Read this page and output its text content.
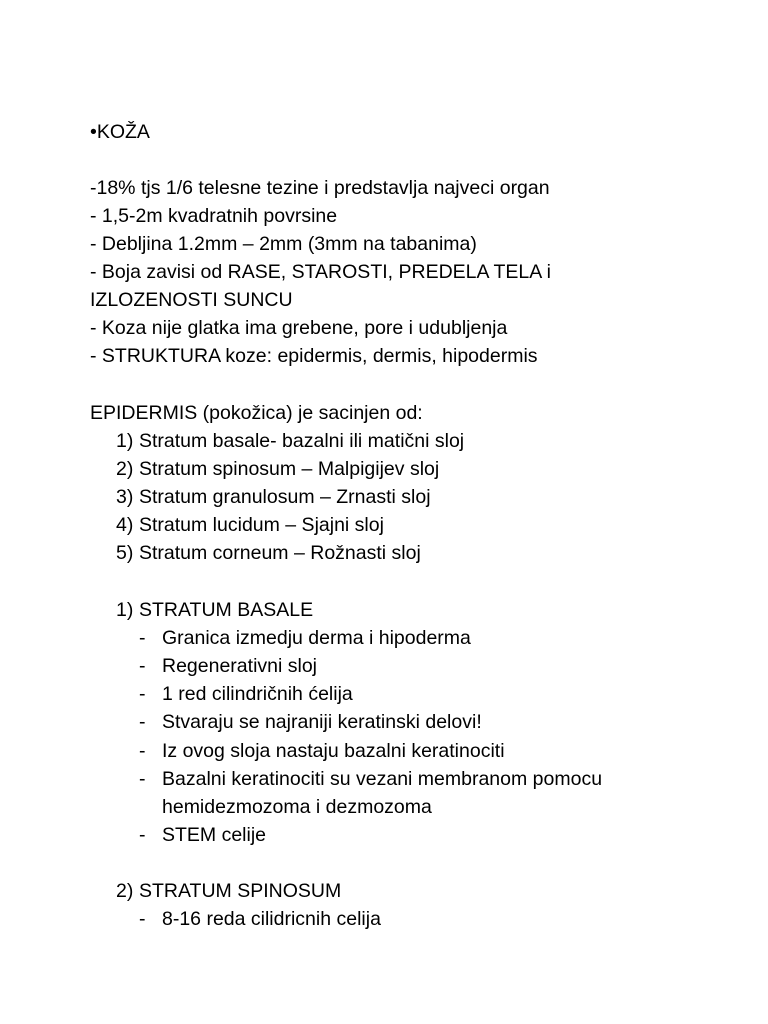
•KOŽA
-18% tjs 1/6 telesne tezine i predstavlja najveci organ
- 1,5-2m kvadratnih povrsine
- Debljina 1.2mm – 2mm (3mm na tabanima)
- Boja zavisi od RASE, STAROSTI, PREDELA TELA i
IZLOZENOSTI SUNCU
- Koza nije glatka ima grebene, pore i udubljenja
- STRUKTURA koze: epidermis, dermis, hipodermis
EPIDERMIS (pokožica) je sacinjen od:
1) Stratum basale- bazalni ili matični sloj
2) Stratum spinosum – Malpigijev sloj
3) Stratum granulosum – Zrnasti sloj
4) Stratum lucidum – Sjajni sloj
5) Stratum corneum – Rožnasti sloj
1) STRATUM BASALE
- Granica izmedju derma i hipoderma
- Regenerativni sloj
- 1 red cilindričnih ćelija
- Stvaraju se najraniji keratinski delovi!
- Iz ovog sloja nastaju bazalni keratinociti
- Bazalni keratinociti su vezani membranom pomocu
hemidezmozoma i dezmozoma
- STEM celije
2) STRATUM SPINOSUM
- 8-16 reda cilidricnih celija
